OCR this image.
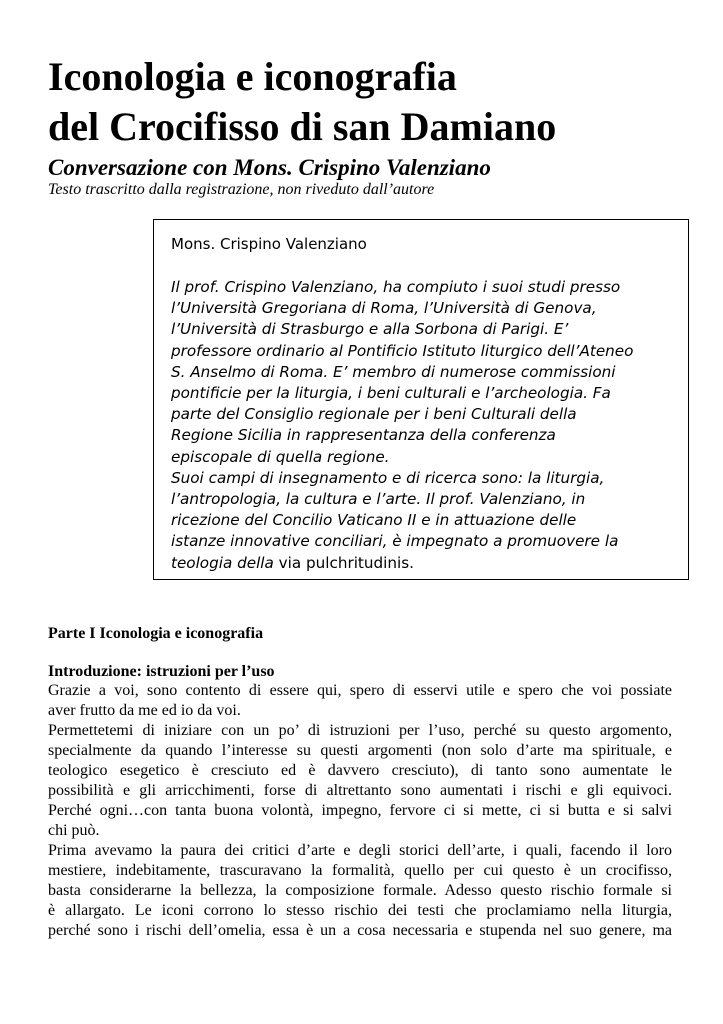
Iconologia e iconografia
del Crocifisso di san Damiano

Conversazione con Mons. Crispino Valenziano

Testo trascritto dalla registrazione, non riveduto dall’autore

Mons. Crispino Valenziano

Il prof. Crispino Valenziano, ha compiuto i suoi studi presso
l’Università Gregoriana di Roma, l’Università di Genova,
l’Università di Strasburgo e alla Sorbona di Parigi. E’
professore ordinario al Pontificio Istituto liturgico dell’Ateneo
S. Anselmo di Roma. E’ membro di numerose commissioni
pontificie per la liturgia, i beni culturali e l’archeologia. Fa
parte del Consiglio regionale per i beni Culturali della
Regione Sicilia in rappresentanza della conferenza
episcopale di quella regione.
Suoi campi di insegnamento e di ricerca sono: la liturgia,
l’antropologia, la cultura e l’arte. Il prof. Valenziano, in
ricezione del Concilio Vaticano II e in attuazione delle
istanze innovative conciliari, è impegnato a promuovere la
teologia della via pulchritudinis.

Parte I Iconologia e iconografia
Introduzione: istruzioni per l’uso
Grazie a voi, sono contento di essere qui, spero di esservi utile e spero che voi possiate
aver frutto da me ed io da voi.
Permettetemi di iniziare con un po’ di istruzioni per l’uso, perché su questo argomento,
specialmente da quando l’interesse su questi argomenti (non solo d’arte ma spirituale, e
teologico esegetico è cresciuto ed è davvero cresciuto), di tanto sono aumentate le
possibilità e gli arricchimenti, forse di altrettanto sono aumentati i rischi e gli equivoci.
Perché ogni…con tanta buona volontà, impegno, fervore ci si mette, ci si butta e si salvi
chi può.
Prima avevamo la paura dei critici d’arte e degli storici dell’arte, i quali, facendo il loro
mestiere, indebitamente, trascuravano la formalità, quello per cui questo è un crocifisso,
basta considerarne la bellezza, la composizione formale. Adesso questo rischio formale si
è allargato. Le iconi corrono lo stesso rischio dei testi che proclamiamo nella liturgia,
perché sono i rischi dell’omelia, essa è un a cosa necessaria e stupenda nel suo genere, ma
